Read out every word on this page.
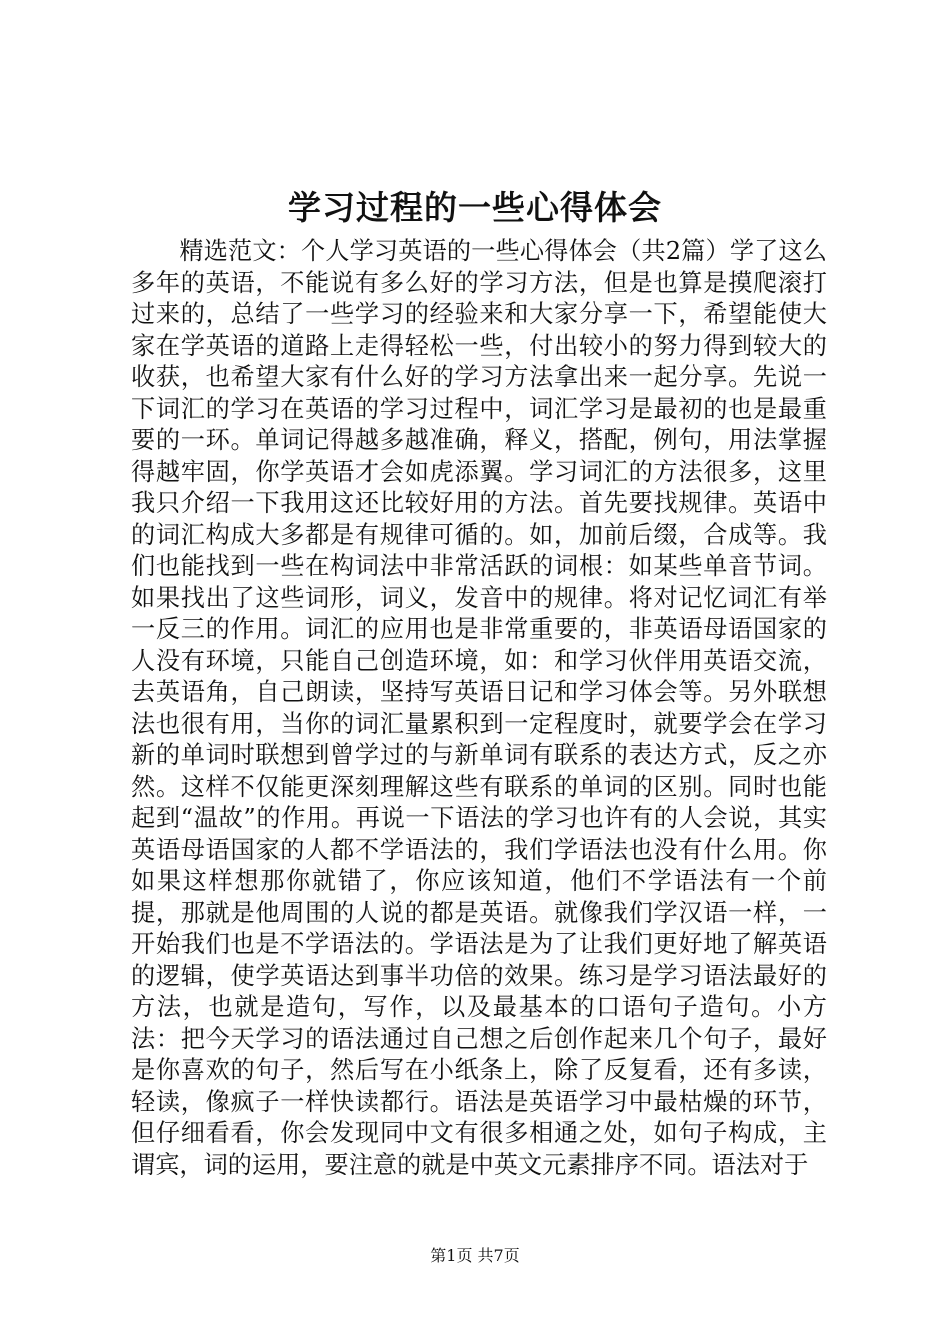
学习过程的一些心得体会

精选范文：个人学习英语的一些心得体会（共2篇）学了这么多年的英语，不能说有多么好的学习方法，但是也算是摸爬滚打过来的，总结了一些学习的经验来和大家分享一下，希望能使大家在学英语的道路上走得轻松一些，付出较小的努力得到较大的收获，也希望大家有什么好的学习方法拿出来一起分享。先说一下词汇的学习在英语的学习过程中，词汇学习是最初的也是最重要的一环。单词记得越多越准确，释义，搭配，例句，用法掌握得越牢固，你学英语才会如虎添翼。学习词汇的方法很多，这里我只介绍一下我用这还比较好用的方法。首先要找规律。英语中的词汇构成大多都是有规律可循的。如，加前后缀，合成等。我们也能找到一些在构词法中非常活跃的词根：如某些单音节词。如果找出了这些词形，词义，发音中的规律。将对记忆词汇有举一反三的作用。词汇的应用也是非常重要的，非英语母语国家的人没有环境，只能自己创造环境，如：和学习伙伴用英语交流，去英语角，自己朗读，坚持写英语日记和学习体会等。另外联想法也很有用，当你的词汇量累积到一定程度时，就要学会在学习新的单词时联想到曾学过的与新单词有联系的表达方式，反之亦然。这样不仅能更深刻理解这些有联系的单词的区别。同时也能起到“温故”的作用。再说一下语法的学习也许有的人会说，其实英语母语国家的人都不学语法的，我们学语法也没有什么用。你如果这样想那你就错了，你应该知道，他们不学语法有一个前提，那就是他周围的人说的都是英语。就像我们学汉语一样，一开始我们也是不学语法的。学语法是为了让我们更好地了解英语的逻辑，使学英语达到事半功倍的效果。练习是学习语法最好的方法，也就是造句，写作，以及最基本的口语句子造句。小方法：把今天学习的语法通过自己想之后创作起来几个句子，最好是你喜欢的句子，然后写在小纸条上，除了反复看，还有多读，轻读，像疯子一样快读都行。语法是英语学习中最枯燥的环节，但仔细看看，你会发现同中文有很多相通之处，如句子构成，主谓宾，词的运用，要注意的就是中英文元素排序不同。语法对于

第1页 共7页
